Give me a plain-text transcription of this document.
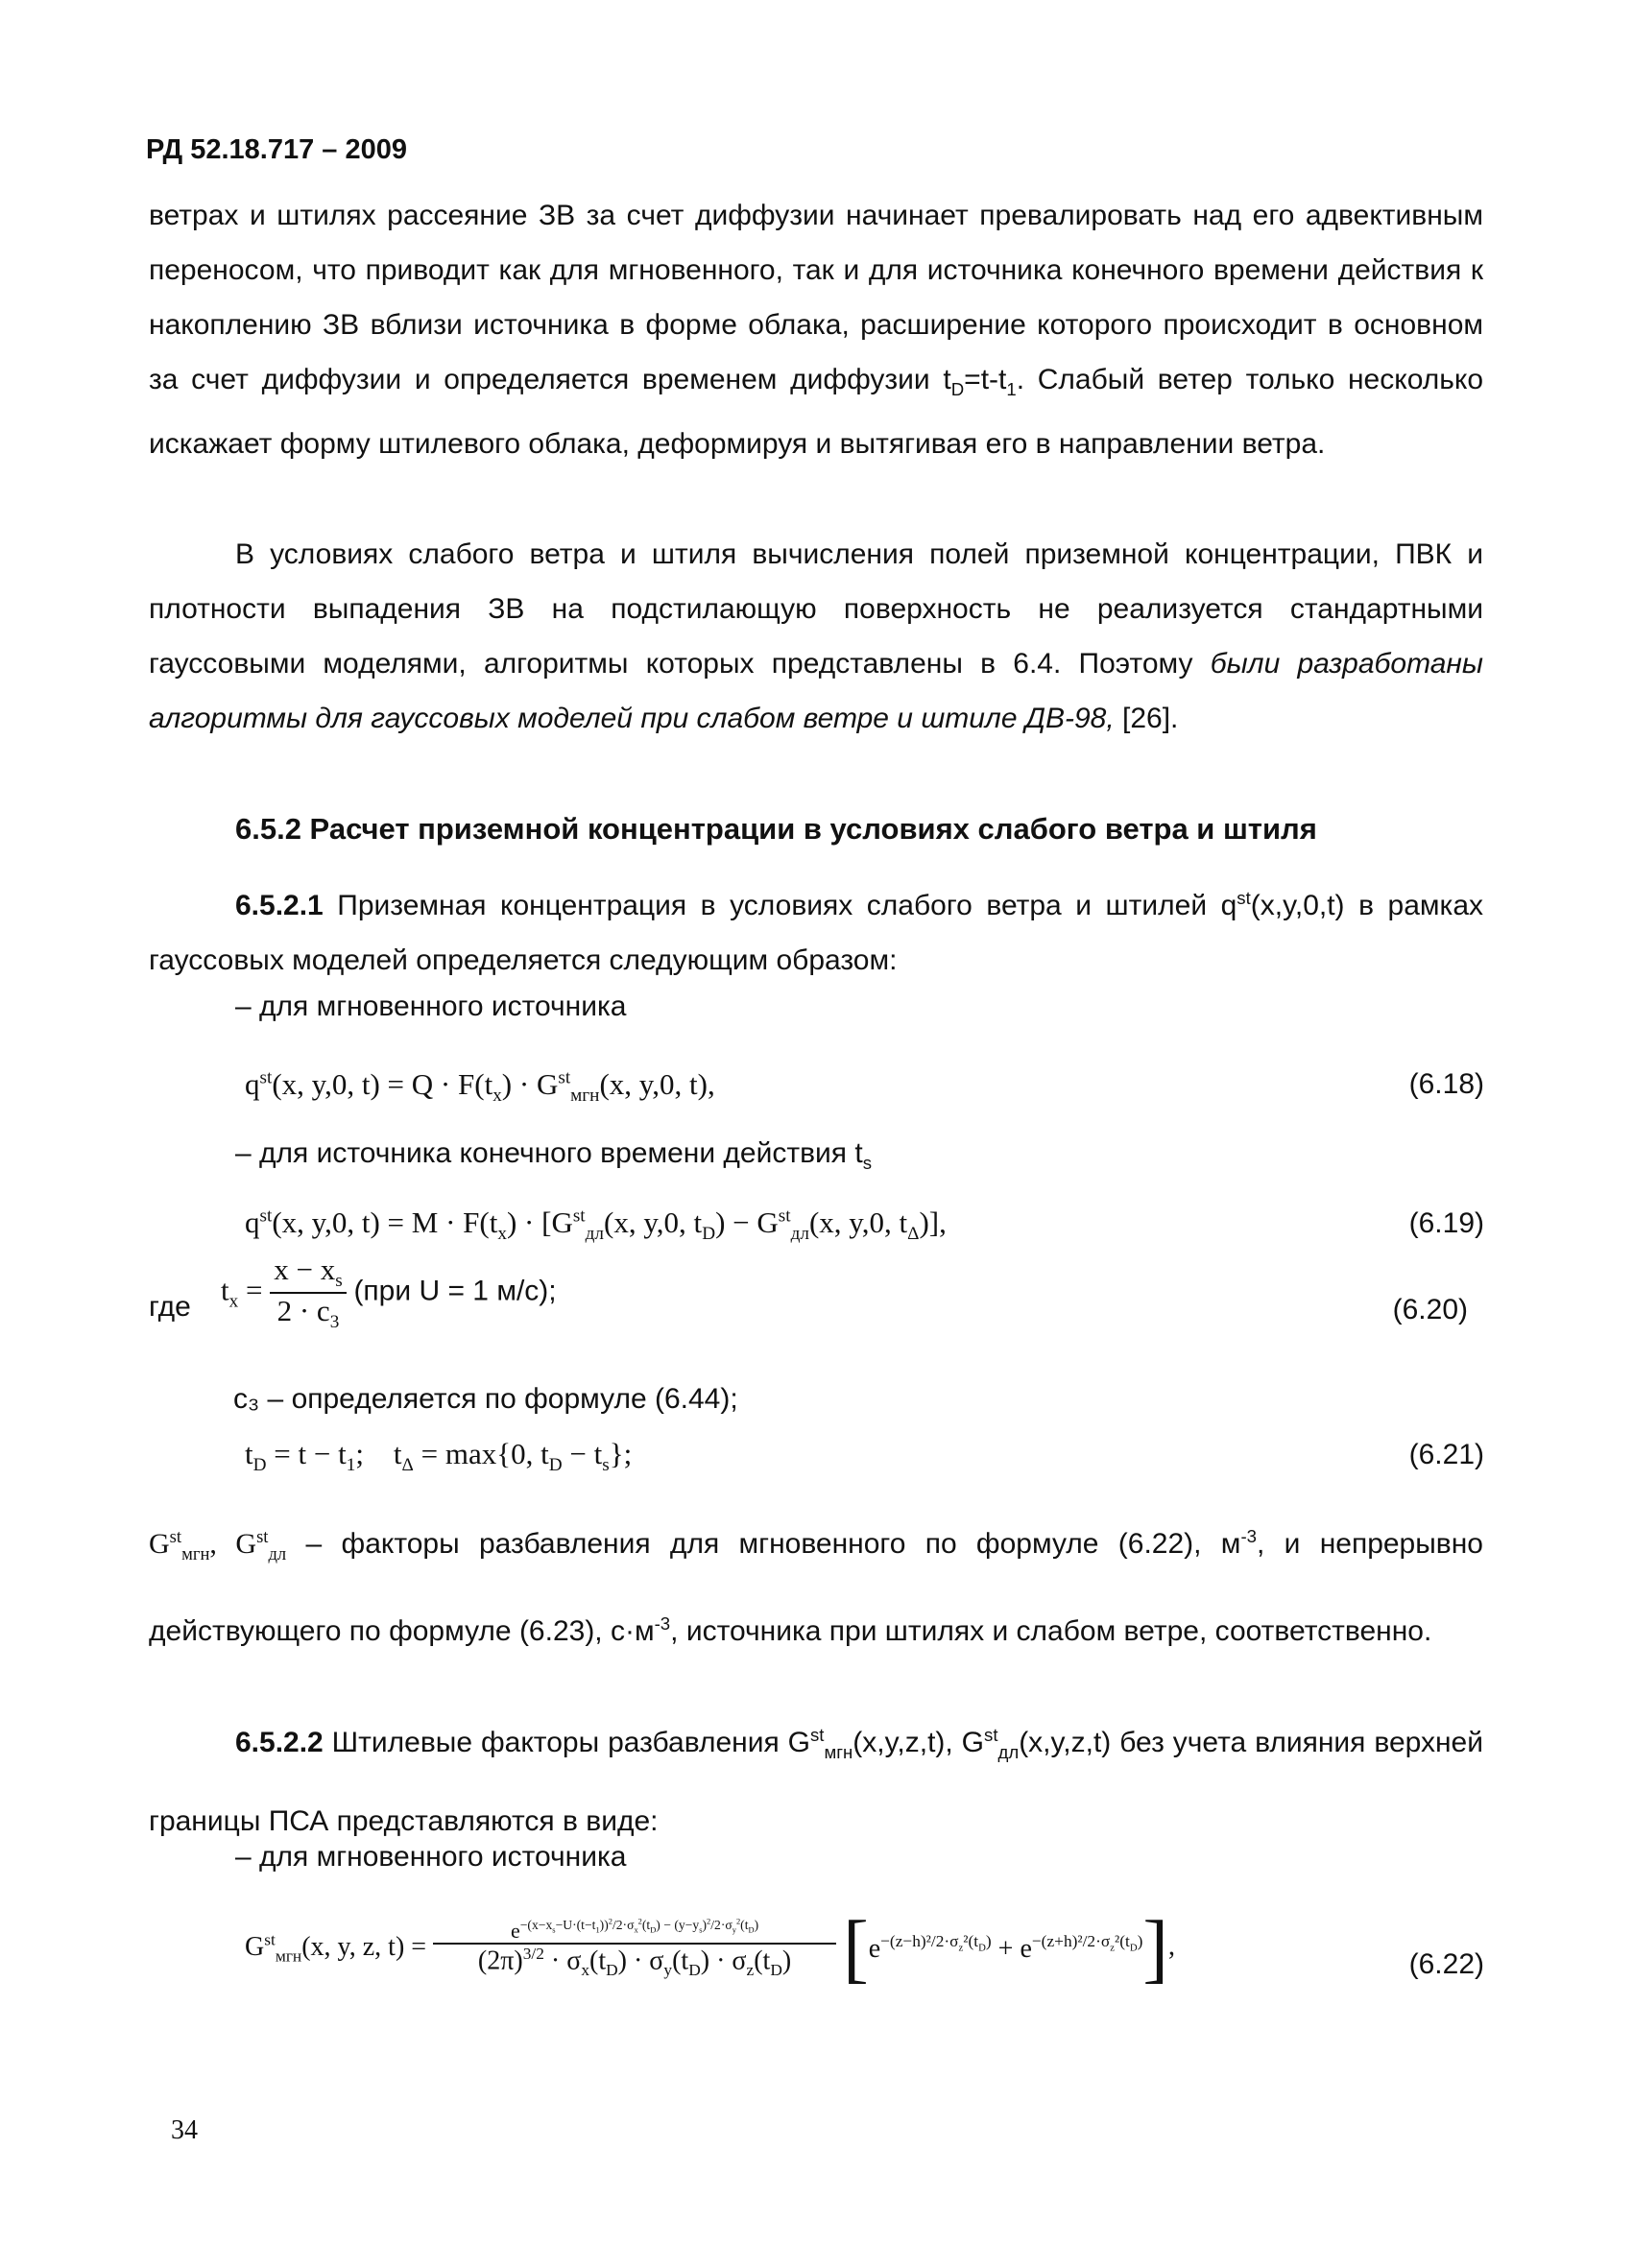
РД 52.18.717 – 2009

ветрах и штилях рассеяние ЗВ за счет диффузии начинает превалировать над его адвективным переносом, что приводит как для мгновенного, так и для источника конечного времени действия к накоплению ЗВ вблизи источника в форме облака, расширение которого происходит в основном за счет диффузии и определяется временем диффузии $t_D=t-t_1$. Слабый ветер только несколько искажает форму штилевого облака, деформируя и вытягивая его в направлении ветра.

В условиях слабого ветра и штиля вычисления полей приземной концентрации, ПВК и плотности выпадения ЗВ на подстилающую поверхность не реализуется стандартными гауссовыми моделями, алгоритмы которых представлены в 6.4. Поэтому были разработаны алгоритмы для гауссовых моделей при слабом ветре и штиле ДВ-98, [26].

6.5.2 Расчет приземной концентрации в условиях слабого ветра и штиля

6.5.2.1 Приземная концентрация в условиях слабого ветра и штилей $q^{st}(x,y,0,t)$ в рамках гауссовых моделей определяется следующим образом:

– для мгновенного источника
$q^{st}(x$, y,0, $t) = Q \cdot F(t_x) \cdot G^{st}_{мгн}(x$, y,0, t),	(6.18)
– для источника конечного времени действия $t_s$
$q^{st}(x$, y,0, $t) = M \cdot F(t_x) \cdot [G^{st}_{дл}(x$, y,0, $t_D) - G^{st}_{дл}(x$, y,0, $t_\Delta$)],	(6.19)
где
$t_x = \frac{x - x_s}{2 \cdot c_3} (при$ U = 1 м/с);
(6.20)
c₃ – определяется по формуле (6.44);
$t_D = t - t_1$;    $t_\Delta = \max\{0$, $t_D - t_s$};	(6.21)

$G^{st}_{мгн}$, $G^{st}_{дл}$ – факторы разбавления для мгновенного по формуле (6.22), $м^{-3}$, и непрерывно действующего по формуле (6.23), $с\cdot м^{-3}$, источника при штилях и слабом ветре, соответственно.

6.5.2.2 Штилевые факторы разбавления $G^{st}_{мгн}(x,y,z,t)$, $G^{st}_{дл}(x,y,z,t)$ без учета влияния верхней границы ПСА представляются в виде:

– для мгновенного источника
$G^{st}_{мгн}(x$, y, z, $t) = \frac{e^{-(x-x_s-U\cdot(t-t_1))^2/2\cdot\sigma_x^2(t_D) - (y-y_s)^2/2\cdot\sigma_y^2(t_D)}}{(2\pi)^{3/2} \cdot \sigma_x(t_D) \cdot \sigma_y(t_D) \cdot \sigma_z(t_D)} [e^{-(z-h)^2/2\cdot\sigma_z^2(t_D)} + e^{-(z+h)^2/2\cdot\sigma_z^2(t_D)}]$,
(6.22)
34
